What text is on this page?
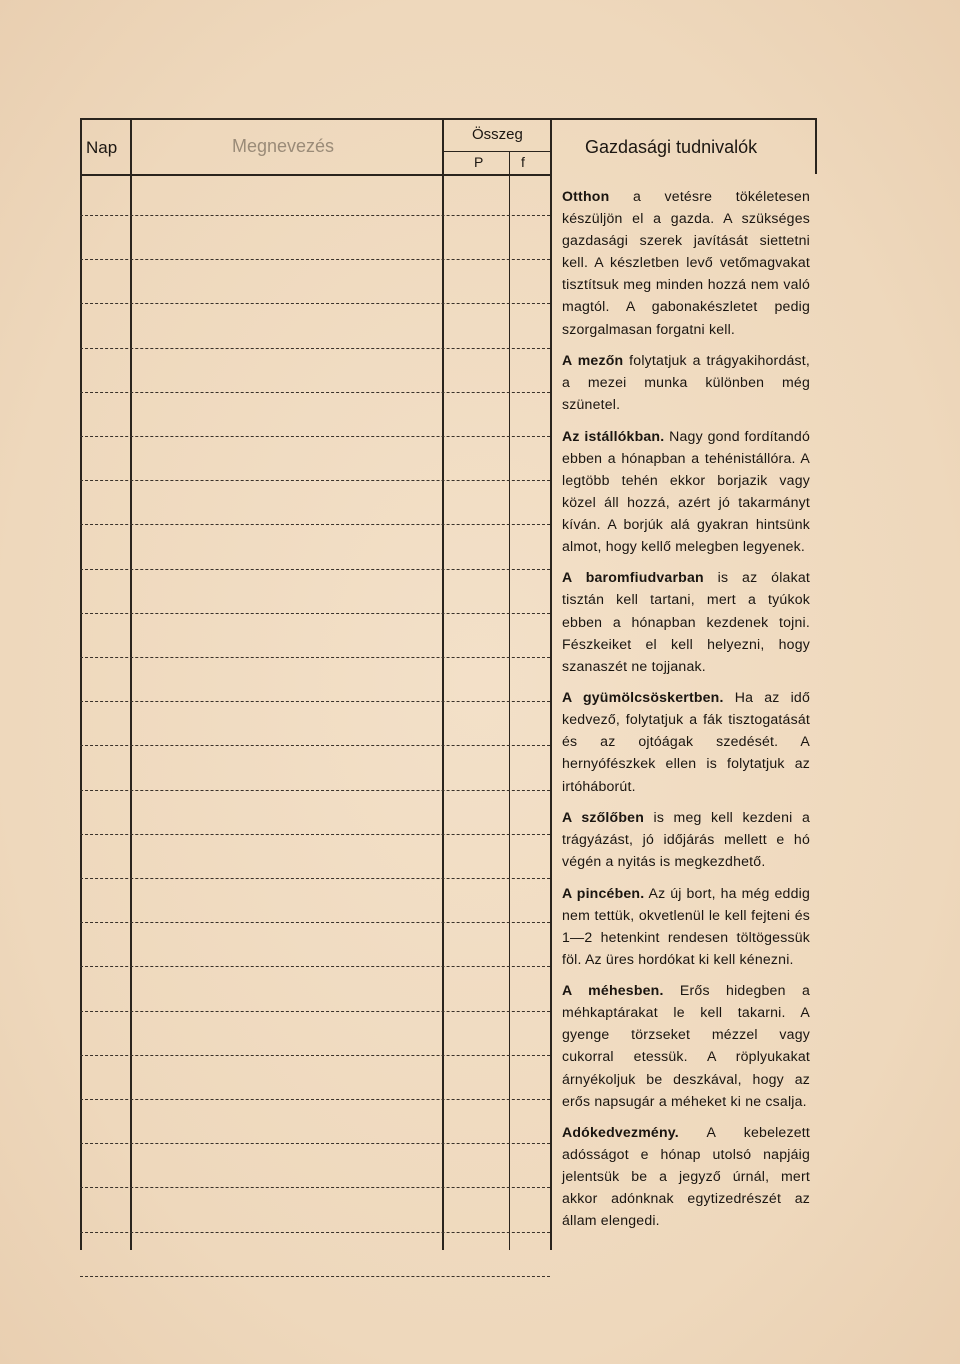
Nap	Megnevezés
Összeg
P	f
Gazdasági tudnivalók

Otthon a vetésre tökéletesen készüljön el a gazda. A szükséges gazdasági szerek javítását siettetni kell. A készletben levő vetőmagvakat tisztítsuk meg minden hozzá nem való magtól. A gabonakészletet pedig szorgalmasan forgatni kell.

A mezőn folytatjuk a trágyakihordást, a mezei munka különben még szünetel.

Az istállókban. Nagy gond fordítandó ebben a hónapban a tehénistállóra. A legtöbb tehén ekkor borjazik vagy közel áll hozzá, azért jó takarmányt kíván. A borjúk alá gyakran hintsünk almot, hogy kellő melegben legyenek.

A baromfiudvarban is az ólakat tisztán kell tartani, mert a tyúkok ebben a hónapban kezdenek tojni. Fészkeiket el kell helyezni, hogy szanaszét ne tojjanak.

A gyümölcsöskertben. Ha az idő kedvező, folytatjuk a fák tisztogatását és az ojtóágak szedését. A hernyófészkek ellen is folytatjuk az irtóháborút.

A szőlőben is meg kell kezdeni a trágyázást, jó időjárás mellett e hó végén a nyitás is megkezdhető.

A pincében. Az új bort, ha még eddig nem tettük, okvetlenül le kell fejteni és 1—2 hetenkint rendesen töltögessük föl. Az üres hordókat ki kell kénezni.

A méhesben. Erős hidegben a méhkaptárakat le kell takarni. A gyenge törzseket mézzel vagy cukorral etessük. A röplyukakat árnyékoljuk be deszkával, hogy az erős napsugár a méheket ki ne csalja.

Adókedvezmény. A kebelezett adósságot e hónap utolsó napjáig jelentsük be a jegyző úrnál, mert akkor adónknak egytizedrészét az állam elengedi.
